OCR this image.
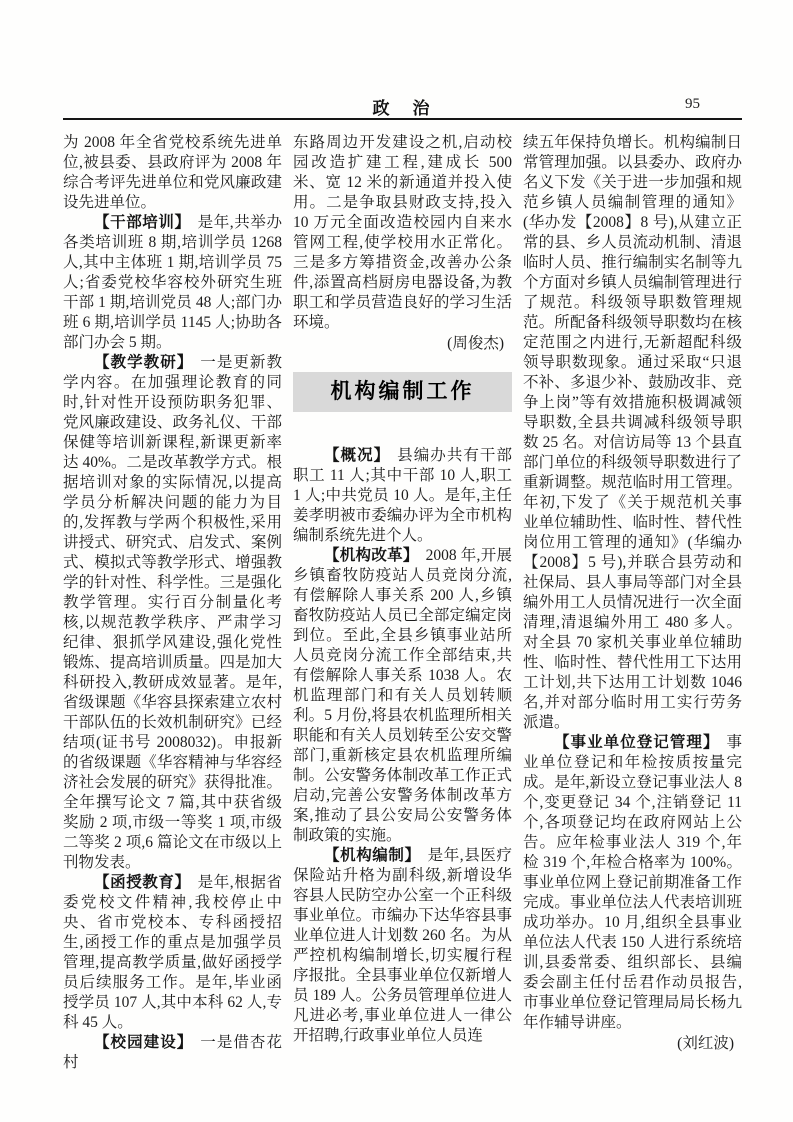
政　治	95

为 2008 年全省党校系统先进单位,被县委、县政府评为 2008 年综合考评先进单位和党风廉政建设先进单位。

【干部培训】 是年,共举办各类培训班 8 期,培训学员 1268 人,其中主体班 1 期,培训学员 75 人;省委党校华容校外研究生班干部 1 期,培训党员 48 人;部门办班 6 期,培训学员 1145 人;协助各部门办会 5 期。

【教学教研】 一是更新教学内容。在加强理论教育的同时,针对性开设预防职务犯罪、党风廉政建设、政务礼仪、干部保健等培训新课程,新课更新率达 40%。二是改革教学方式。根据培训对象的实际情况,以提高学员分析解决问题的能力为目的,发挥教与学两个积极性,采用讲授式、研究式、启发式、案例式、模拟式等教学形式、增强教学的针对性、科学性。三是强化教学管理。实行百分制量化考核,以规范教学秩序、严肃学习纪律、狠抓学风建设,强化党性锻炼、提高培训质量。四是加大科研投入,教研成效显著。是年,省级课题《华容县探索建立农村干部队伍的长效机制研究》已经结项(证书号 2008032)。申报新的省级课题《华容精神与华容经济社会发展的研究》获得批准。全年撰写论文 7 篇,其中获省级奖励 2 项,市级一等奖 1 项,市级二等奖 2 项,6 篇论文在市级以上刊物发表。

【函授教育】 是年,根据省委党校文件精神,我校停止中央、省市党校本、专科函授招生,函授工作的重点是加强学员管理,提高教学质量,做好函授学员后续服务工作。是年,毕业函授学员 107 人,其中本科 62 人,专科 45 人。

【校园建设】 一是借杏花村

东路周边开发建设之机,启动校园改造扩建工程,建成长 500 米、宽 12 米的新通道并投入使用。二是争取县财政支持,投入 10 万元全面改造校园内自来水管网工程,使学校用水正常化。三是多方筹措资金,改善办公条件,添置高档厨房电器设备,为教职工和学员营造良好的学习生活环境。

(周俊杰)

机构编制工作

【概况】 县编办共有干部职工 11 人;其中干部 10 人,职工 1 人;中共党员 10 人。是年,主任姜孝明被市委编办评为全市机构编制系统先进个人。

【机构改革】 2008 年,开展乡镇畜牧防疫站人员竞岗分流,有偿解除人事关系 200 人,乡镇畜牧防疫站人员已全部定编定岗到位。至此,全县乡镇事业站所人员竞岗分流工作全部结束,共有偿解除人事关系 1038 人。农机监理部门和有关人员划转顺利。5 月份,将县农机监理所相关职能和有关人员划转至公安交警部门,重新核定县农机监理所编制。公安警务体制改革工作正式启动,完善公安警务体制改革方案,推动了县公安局公安警务体制政策的实施。

【机构编制】 是年,县医疗保险站升格为副科级,新增设华容县人民防空办公室一个正科级事业单位。市编办下达华容县事业单位进人计划数 260 名。为从严控机构编制增长,切实履行程序报批。全县事业单位仅新增人员 189 人。公务员管理单位进人凡进必考,事业单位进人一律公开招聘,行政事业单位人员连

续五年保持负增长。机构编制日常管理加强。以县委办、政府办名义下发《关于进一步加强和规范乡镇人员编制管理的通知》(华办发【2008】8 号),从建立正常的县、乡人员流动机制、清退临时人员、推行编制实名制等九个方面对乡镇人员编制管理进行了规范。科级领导职数管理规范。所配备科级领导职数均在核定范围之内进行,无新超配科级领导职数现象。通过采取“只退不补、多退少补、鼓励改非、竞争上岗”等有效措施积极调减领导职数,全县共调减科级领导职数 25 名。对信访局等 13 个县直部门单位的科级领导职数进行了重新调整。规范临时用工管理。年初,下发了《关于规范机关事业单位辅助性、临时性、替代性岗位用工管理的通知》(华编办【2008】5 号),并联合县劳动和社保局、县人事局等部门对全县编外用工人员情况进行一次全面清理,清退编外用工 480 多人。对全县 70 家机关事业单位辅助性、临时性、替代性用工下达用工计划,共下达用工计划数 1046 名,并对部分临时用工实行劳务派遣。

【事业单位登记管理】 事业单位登记和年检按质按量完成。是年,新设立登记事业法人 8 个,变更登记 34 个,注销登记 11 个,各项登记均在政府网站上公告。应年检事业法人 319 个,年检 319 个,年检合格率为 100%。事业单位网上登记前期准备工作完成。事业单位法人代表培训班成功举办。10 月,组织全县事业单位法人代表 150 人进行系统培训,县委常委、组织部长、县编委会副主任付岳君作动员报告,市事业单位登记管理局局长杨九年作辅导讲座。

(刘红波)
